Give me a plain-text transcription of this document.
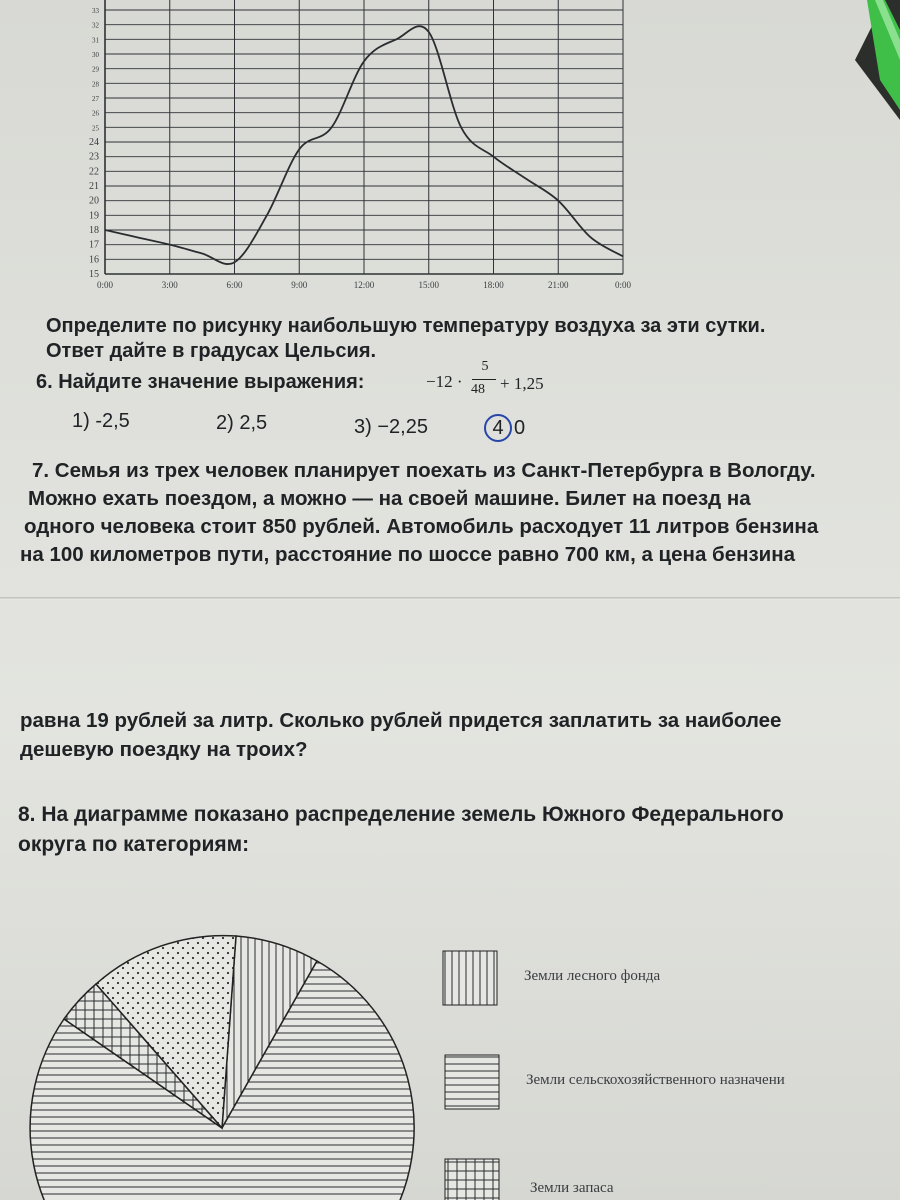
15
16
17
18
19
20
21
22
23
24
25
26
27
28
29
30
31
32
33
0:00	3:00	6:00	9:00	12:00	15:00	18:00	21:00	0:00
Определите по рисунку наибольшую температуру воздуха за эти сутки.
Ответ дайте в градусах Цельсия.
6. Найдите значение выражения:	−12 ·
5
48 + 1,25
1) -2,5	2) 2,5	3) −2,25	4 0
7. Семья из трех человек планирует поехать из Санкт-Петербурга в Вологду.
Можно ехать поездом, а можно — на своей машине. Билет на поезд на
одного человека стоит 850 рублей. Автомобиль расходует 11 литров бензина
на 100 километров пути, расстояние по шоссе равно 700 км, а цена бензина
равна 19 рублей за литр. Сколько рублей придется заплатить за наиболее
дешевую поездку на троих?
8. На диаграмме показано распределение земель Южного Федерального
округа по категориям:
Земли лесного фонда
Земли сельскохозяйственного назначени
Земли запаса
